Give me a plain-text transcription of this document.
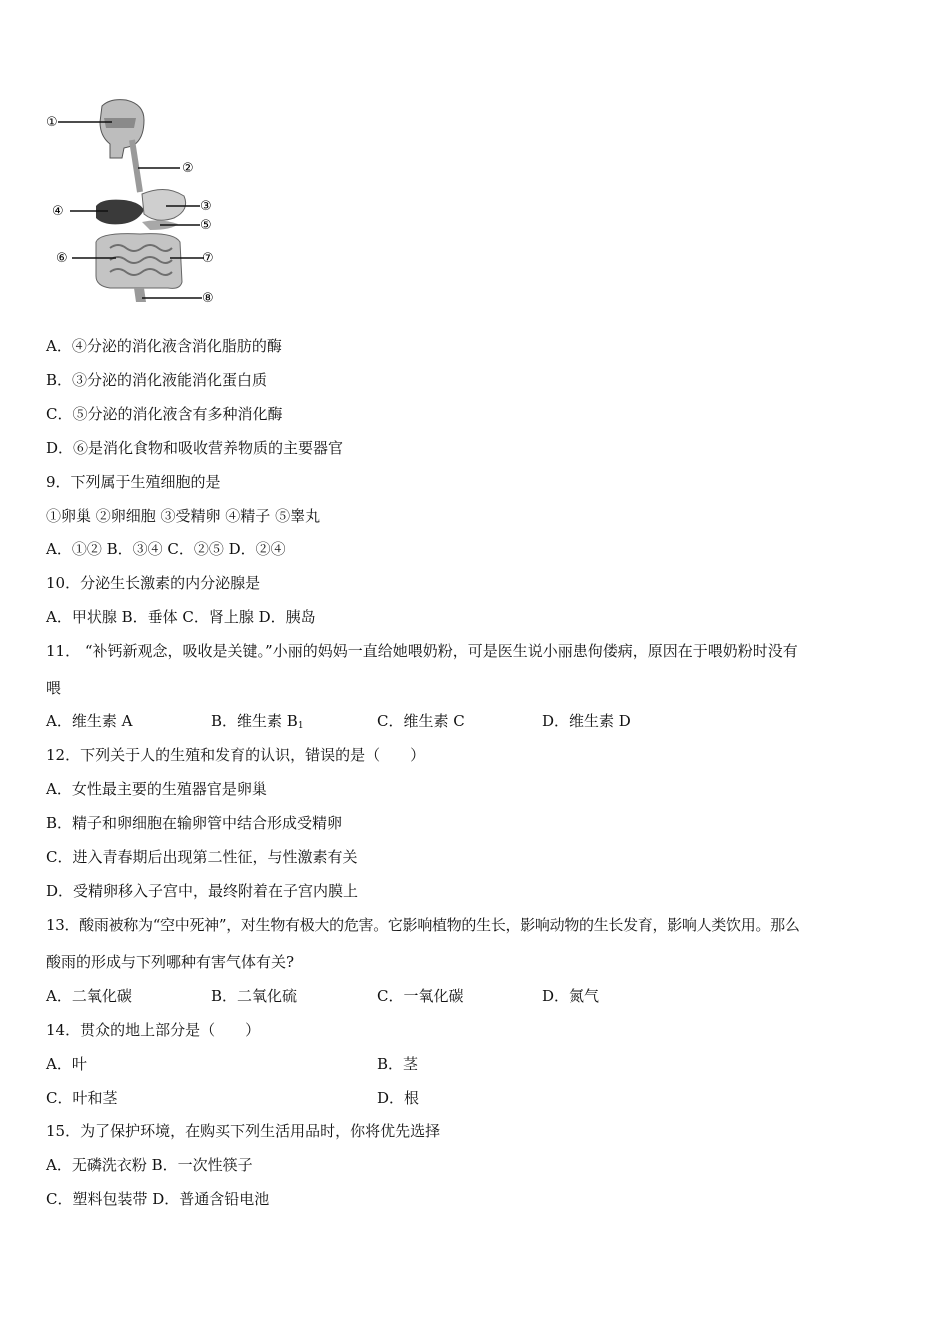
①
②
③
④
⑤
⑥	⑦
⑧
A．④分泌的消化液含消化脂肪的酶
B．③分泌的消化液能消化蛋白质
C．⑤分泌的消化液含有多种消化酶
D．⑥是消化食物和吸收营养物质的主要器官
9．下列属于生殖细胞的是
①卵巢 ②卵细胞 ③受精卵 ④精子 ⑤睾丸
A．①② B．③④ C．②⑤ D．②④
10．分泌生长激素的内分泌腺是
A．甲状腺 B．垂体 C．肾上腺 D．胰岛
11． “补钙新观念，吸收是关键。”小丽的妈妈一直给她喂奶粉，可是医生说小丽患佝偻病，原因在于喂奶粉时没有
喂
A．维生素 A	B．维生素 $B_1$	C．维生素 C	D．维生素 D
12．下列关于人的生殖和发育的认识，错误的是（　　）
A．女性最主要的生殖器官是卵巢
B．精子和卵细胞在输卵管中结合形成受精卵
C．进入青春期后出现第二性征，与性激素有关
D．受精卵移入子宫中，最终附着在子宫内膜上
13．酸雨被称为“空中死神”，对生物有极大的危害。它影响植物的生长，影响动物的生长发育，影响人类饮用。那么
酸雨的形成与下列哪种有害气体有关?
A．二氧化碳	B．二氧化硫	C．一氧化碳	D．氮气
14．贯众的地上部分是（　　）
A．叶	B．茎
C．叶和茎	D．根
15．为了保护环境，在购买下列生活用品时，你将优先选择
A．无磷洗衣粉 B．一次性筷子
C．塑料包装带 D．普通含铅电池
